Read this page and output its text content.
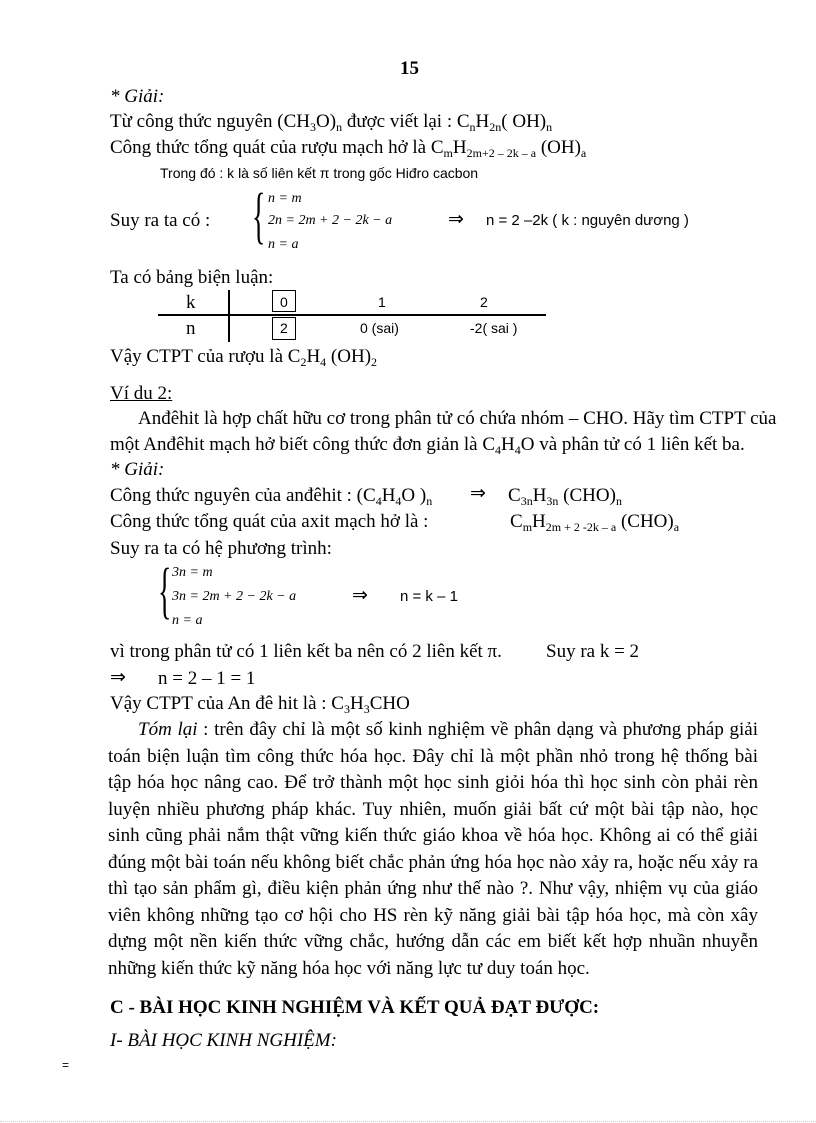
15
* Giải:
Từ công thức nguyên $(CH_3O)_n$ được viết lại : $C_nH_{2n}$( $OH)_n$
Công thức tổng quát của rượu mạch hở là $C_mH_{2m+2 - 2k - a}$ $(OH)_a$
Trong đó : k là số liên kết π trong gốc Hiđro cacbon
Suy ra ta có : { n = m
2n = 2m + 2 − 2k − a
n = a
⇒ n = 2 –2k ( k : nguyên dương )
Ta có bảng biện luận:
k	0	1	2
n	2	0 (sai)	-2( sai )
Vậy CTPT của rượu là $C_2H_4$ $(OH)_2$
Ví du 2:
Anđêhit là hợp chất hữu cơ trong phân tử có chứa nhóm – CHO. Hãy tìm CTPT của
một Anđêhit mạch hở biết công thức đơn giản là $C_4H_4O$ và phân tử có 1 liên kết ba.
* Giải:
Công thức nguyên của anđêhit : ($C_4H_4O$ )$_n$ ⇒ $C_{3n}H_{3n}$ $(CHO)_n$
Công thức tổng quát của axit mạch hở là :	$C_mH_{2m + 2 -2k - a}$ $(CHO)_a$
Suy ra ta có hệ phương trình:
{ 3n = m
3n = 2m + 2 − 2k − a
n = a
⇒ n = k – 1
vì trong phân tử có 1 liên kết ba nên có 2 liên kết π. Suy ra k = 2
⇒ n = 2 – 1 = 1
Vậy CTPT của An đê hit là : $C_3H_3CHO$
Tóm lại : trên đây chỉ là một số kinh nghiệm về phân dạng và phương pháp giải toán biện luận tìm công thức hóa học. Đây chỉ là một phần nhỏ trong hệ thống bài tập hóa học nâng cao. Để trở thành một học sinh giỏi hóa thì học sinh còn phải rèn luyện nhiều phương pháp khác. Tuy nhiên, muốn giải bất cứ một bài tập nào, học sinh cũng phải nắm thật vững kiến thức giáo khoa về hóa học. Không ai có thể giải đúng một bài toán nếu không biết chắc phản ứng hóa học nào xảy ra, hoặc nếu xảy ra thì tạo sản phẩm gì, điều kiện phản ứng như thế nào ?. Như vậy, nhiệm vụ của giáo viên không những tạo cơ hội cho HS rèn kỹ năng giải bài tập hóa học, mà còn xây dựng một nền kiến thức vững chắc, hướng dẫn các em biết kết hợp nhuần nhuyễn những kiến thức kỹ năng hóa học với năng lực tư duy toán học.
C - BÀI HỌC KINH NGHIỆM VÀ KẾT QUẢ ĐẠT ĐƯỢC:
I- BÀI HỌC KINH NGHIỆM:
=
